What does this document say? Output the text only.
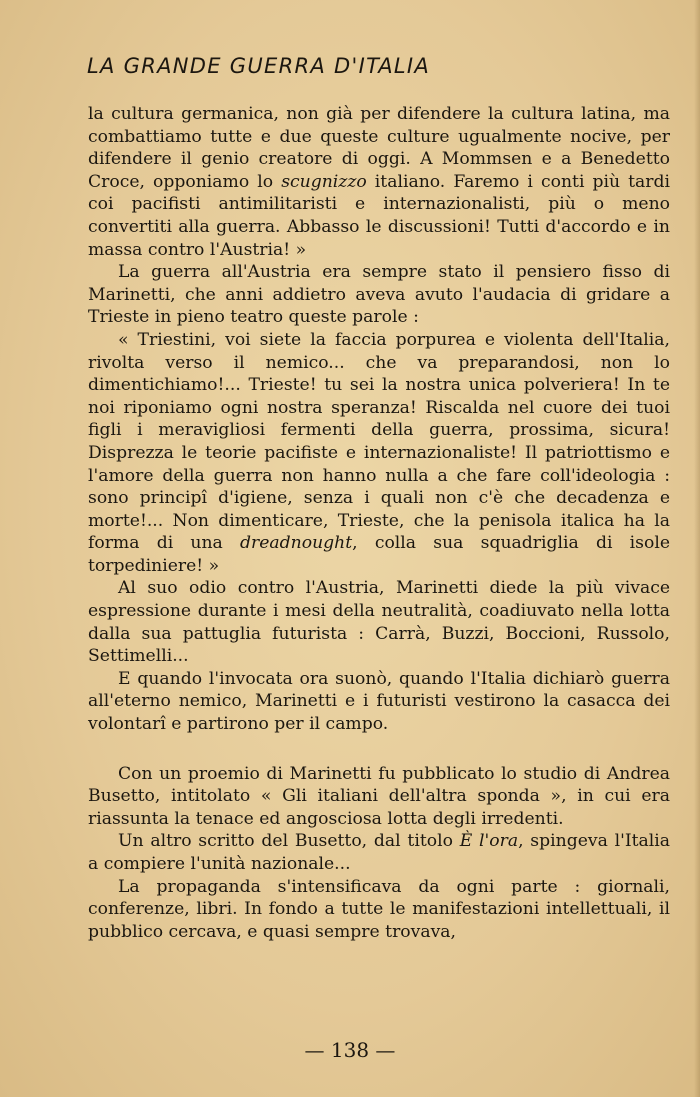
LA GRANDE GUERRA D'ITALIA

la cultura germanica, non già per difendere la cultura latina, ma combattiamo tutte e due queste culture ugualmente nocive, per difendere il genio creatore di oggi. A Mommsen e a Benedetto Croce, opponiamo lo scugnizzo italiano. Faremo i conti più tardi coi pacifisti antimilitaristi e internazionalisti, più o meno convertiti alla guerra. Abbasso le discussioni! Tutti d'accordo e in massa contro l'Austria! »

La guerra all'Austria era sempre stato il pensiero fisso di Marinetti, che anni addietro aveva avuto l'audacia di gridare a Trieste in pieno teatro queste parole :

« Triestini, voi siete la faccia porpurea e violenta dell'Italia, rivolta verso il nemico... che va preparandosi, non lo dimentichiamo!... Trieste! tu sei la nostra unica polveriera! In te noi riponiamo ogni nostra speranza! Riscalda nel cuore dei tuoi figli i meravigliosi fermenti della guerra, prossima, sicura! Disprezza le teorie pacifiste e internazionaliste! Il patriottismo e l'amore della guerra non hanno nulla a che fare coll'ideologia : sono principî d'igiene, senza i quali non c'è che decadenza e morte!... Non dimenticare, Trieste, che la penisola italica ha la forma di una dreadnought, colla sua squadriglia di isole torpediniere! »

Al suo odio contro l'Austria, Marinetti diede la più vivace espressione durante i mesi della neutralità, coadiuvato nella lotta dalla sua pattuglia futurista : Carrà, Buzzi, Boccioni, Russolo, Settimelli...

E quando l'invocata ora suonò, quando l'Italia dichiarò guerra all'eterno nemico, Marinetti e i futuristi vestirono la casacca dei volontarî e partirono per il campo.

Con un proemio di Marinetti fu pubblicato lo studio di Andrea Busetto, intitolato « Gli italiani dell'altra sponda », in cui era riassunta la tenace ed angosciosa lotta degli irredenti.

Un altro scritto del Busetto, dal titolo È l'ora, spingeva l'Italia a compiere l'unità nazionale...

La propaganda s'intensificava da ogni parte : giornali, conferenze, libri. In fondo a tutte le manifestazioni intellettuali, il pubblico cercava, e quasi sempre trovava,

— 138 —
